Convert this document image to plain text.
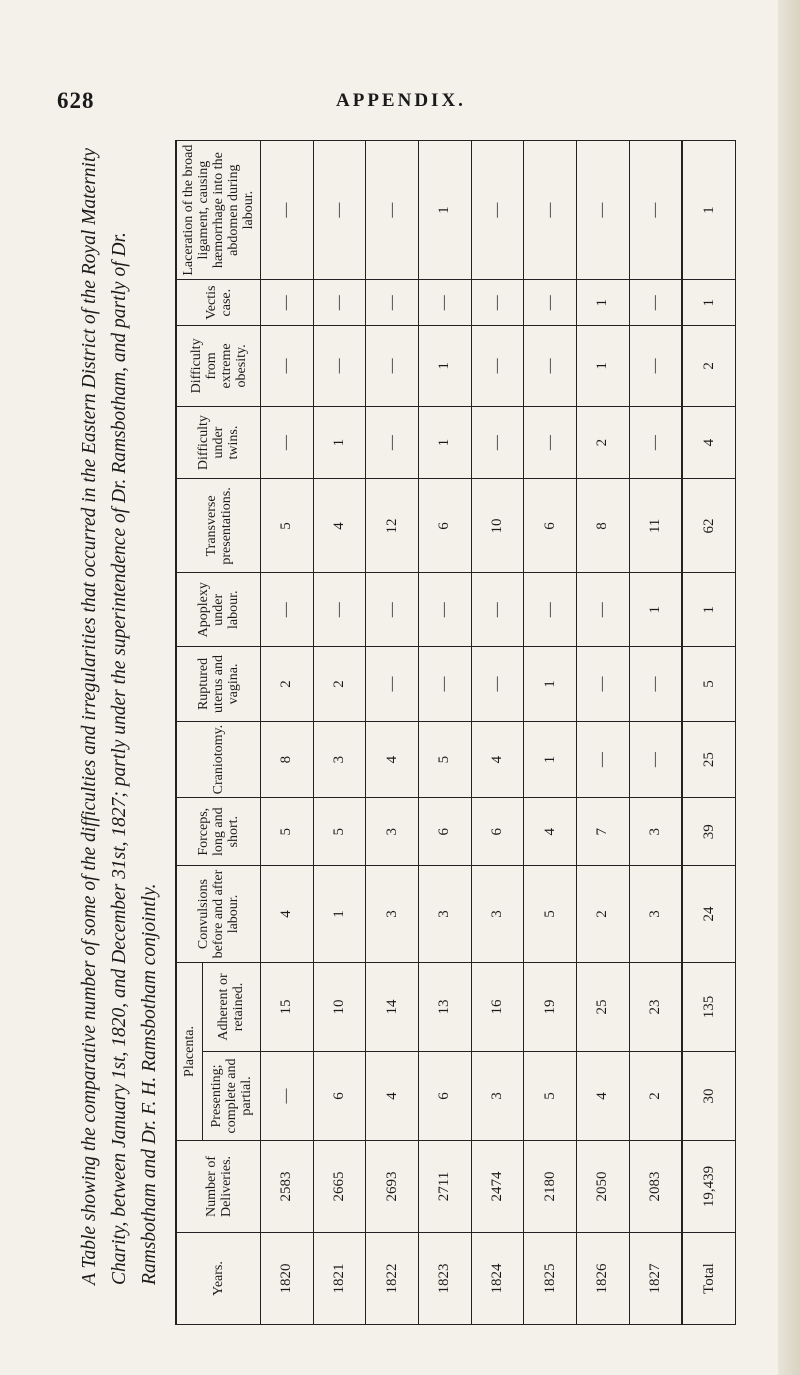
628	APPENDIX.

A Table showing the comparative number of some of the difficulties and irregularities that occurred in the Eastern District of the Royal Maternity Charity, between January 1st, 1820, and December 31st, 1827; partly under the superintendence of Dr. Ramsbotham, and partly of Dr. Ramsbotham and Dr. F. H. Ramsbotham conjointly.	Years.	Number of Deliveries.	Placenta.		Convulsions before and after labour.	Forceps, long and short.	Craniotomy.	Ruptured uterus and vagina.	Apoplexy under labour.	Transverse presentations.	Difficulty under twins.	Difficulty from extreme obesity.	Vectis case.	Laceration of the broad ligament, causing hæmorrhage into the abdomen during labour.
		Presenting; complete and partial.	Adherent or retained.										
1820	2583	—	15	4	5	8	2	—	5	—	—	—	—
1821	2665	6	10	1	5	3	2	—	4	1	—	—	—
1822	2693	4	14	3	3	4	—	—	12	—	—	—	—
1823	2711	6	13	3	6	5	—	—	6	1	1	—	1
1824	2474	3	16	3	6	4	—	—	10	—	—	—	—
1825	2180	5	19	5	4	1	1	—	6	—	—	—	—
1826	2050	4	25	2	7	—	—	—	8	2	1	1	—
1827	2083	2	23	3	3	—	—	1	11	—	—	—	—
Total	19,439	30	135	24	39	25	5	1	62	4	2	1	1
